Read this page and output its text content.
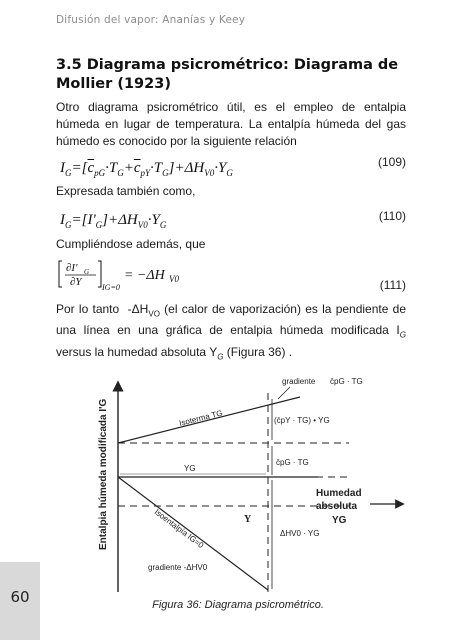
60
Difusión del vapor: Ananías y Keey
3.5 Diagrama psicrométrico: Diagrama de Mollier (1923)
Otro diagrama psicrométrico útil, es el empleo de entalpia húmeda en lugar de temperatura. La entalpía húmeda del gas húmedo es conocido por la siguiente relación
$I_G=[\overline{c}_{pG}\cdot T_G+\overline{c}_{pY}\cdot T_G]+\Delta H_{V0}\cdot Y_G$
(109)
Expresada también como,
$I_G=[I'_G]+\Delta H_{V0}\cdot Y_G$
(110)
Cumpliéndose además, que
∂I' G
∂Y	IG=0
= −ΔH V0	(111)
Por lo tanto $-\Delta H_{VO}$ (el calor de vaporización) es la pendiente de una línea en una gráfica de entalpia húmeda modificada $I_G$ versus la humedad absoluta $Y_G$ (Figura 36) .
Entalpia húmeda modificada I'G	YG
Y
gradiente c̄pG · TG
Isoterma TG	(c̄pY · TG) • YG
c̄pG · TG
ΔHV0 · YG
Isoentalpía IG=0
gradiente -ΔHV0
Humedad
absoluta
YG
Figura 36: Diagrama psicrométrico.
